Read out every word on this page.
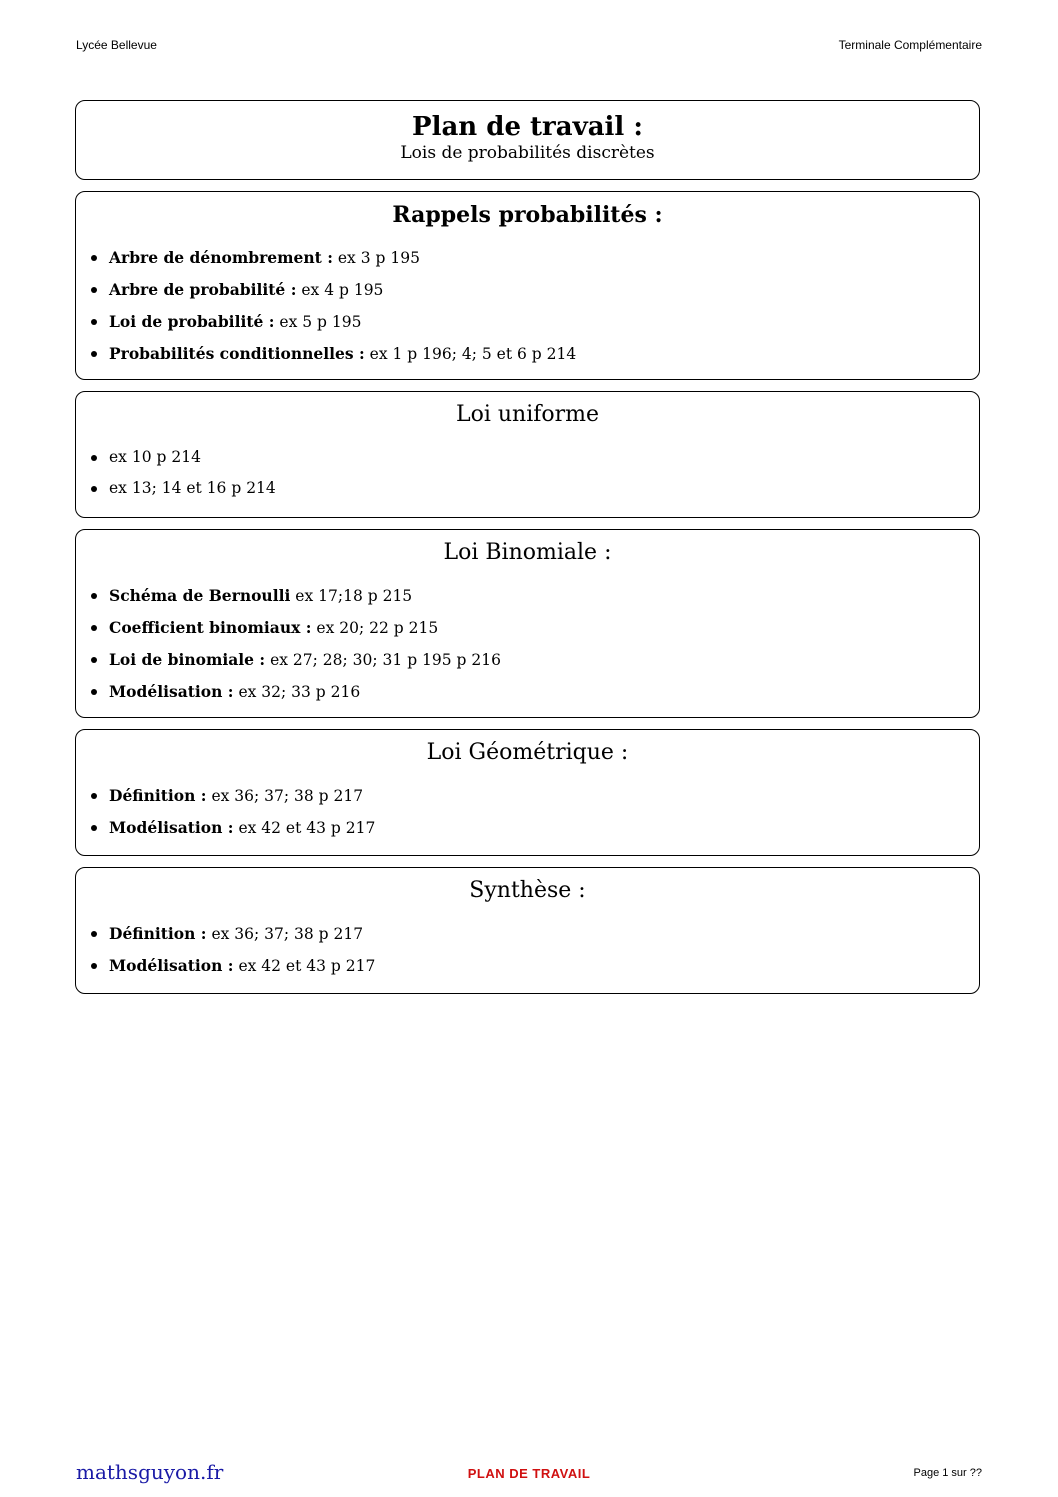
Lycée Bellevue	Terminale Complémentaire
Plan de travail :
Lois de probabilités discrètes
Rappels probabilités :
Arbre de dénombrement : ex 3 p 195
Arbre de probabilité : ex 4 p 195
Loi de probabilité : ex 5 p 195
Probabilités conditionnelles : ex 1 p 196; 4; 5 et 6 p 214
Loi uniforme
ex 10 p 214
ex 13; 14 et 16 p 214
Loi Binomiale :
Schéma de Bernoulli ex 17;18 p 215
Coefficient binomiaux : ex 20; 22 p 215
Loi de binomiale : ex 27; 28; 30; 31 p 195 p 216
Modélisation : ex 32; 33 p 216
Loi Géométrique :
Définition : ex 36; 37; 38 p 217
Modélisation : ex 42 et 43 p 217
Synthèse :
Définition : ex 36; 37; 38 p 217
Modélisation : ex 42 et 43 p 217
mathsguyon.fr	PLAN DE TRAVAIL	Page 1 sur ??
